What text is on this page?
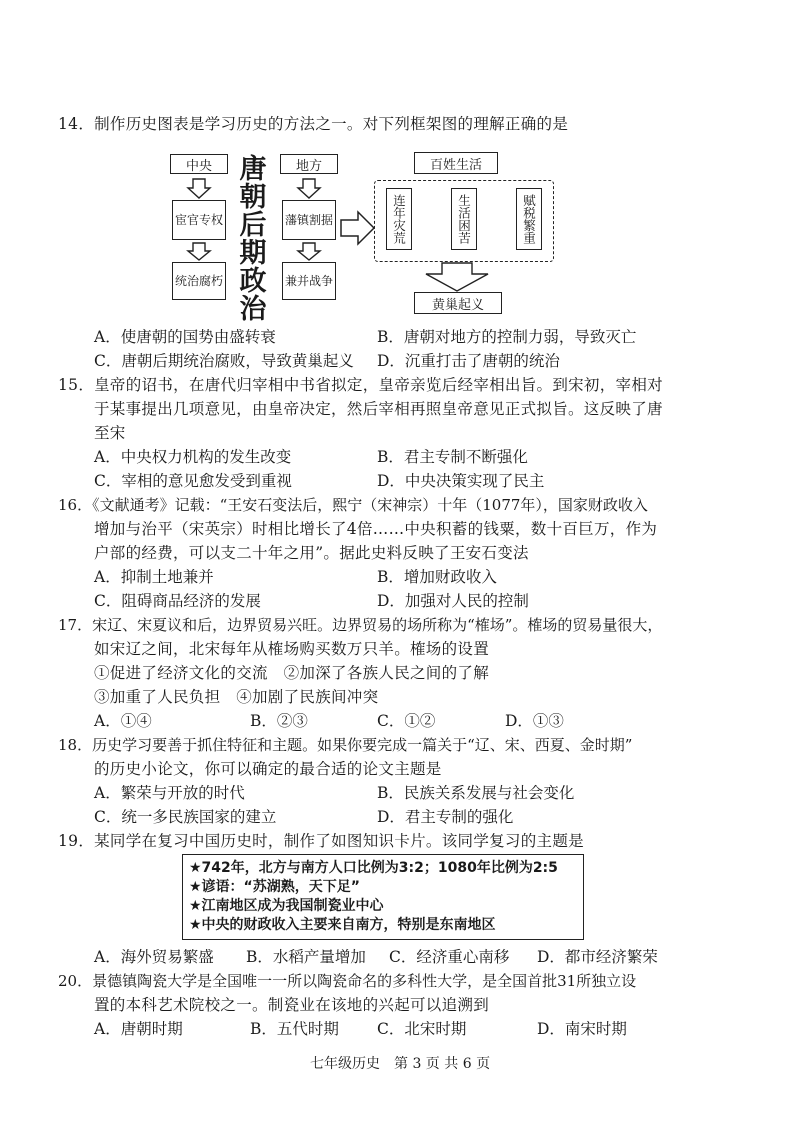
14．制作历史图表是学习历史的方法之一。对下列框架图的理解正确的是
中央
宦官专权
统治腐朽
唐
朝
后
期
政
治
地方
藩镇割据
兼并战争
百姓生活
连年灾荒	生活困苦	赋税繁重
黄巢起义
A．使唐朝的国势由盛转衰	B．唐朝对地方的控制力弱，导致灭亡
C．唐朝后期统治腐败，导致黄巢起义 D．沉重打击了唐朝的统治
15．皇帝的诏书，在唐代归宰相中书省拟定，皇帝亲览后经宰相出旨。到宋初，宰相对
于某事提出几项意见，由皇帝决定，然后宰相再照皇帝意见正式拟旨。这反映了唐
至宋
A．中央权力机构的发生改变	B．君主专制不断强化
C．宰相的意见愈发受到重视	D．中央决策实现了民主
16．《文献通考》记载：“王安石变法后，熙宁（宋神宗）十年（1077年），国家财政收入
增加与治平（宋英宗）时相比增长了4倍……中央积蓄的钱粟，数十百巨万，作为
户部的经费，可以支二十年之用”。据此史料反映了王安石变法
A．抑制土地兼并	B．增加财政收入
C．阻碍商品经济的发展	D．加强对人民的控制
17．宋辽、宋夏议和后，边界贸易兴旺。边界贸易的场所称为“榷场”。榷场的贸易量很大，
如宋辽之间，北宋每年从榷场购买数万只羊。榷场的设置
①促进了经济文化的交流　②加深了各族人民之间的了解
③加重了人民负担　④加剧了民族间冲突
A．①④	B．②③	C．①②	D．①③
18．历史学习要善于抓住特征和主题。如果你要完成一篇关于“辽、宋、西夏、金时期”
的历史小论文，你可以确定的最合适的论文主题是
A．繁荣与开放的时代	B．民族关系发展与社会变化
C．统一多民族国家的建立	D．君主专制的强化
19．某同学在复习中国历史时，制作了如图知识卡片。该同学复习的主题是
★742年，北方与南方人口比例为3:2；1080年比例为2:5
★谚语：“苏湖熟，天下足”
★江南地区成为我国制瓷业中心
★中央的财政收入主要来自南方，特别是东南地区
A．海外贸易繁盛 B．水稻产量增加 C．经济重心南移 D．都市经济繁荣
20．景德镇陶瓷大学是全国唯一一所以陶瓷命名的多科性大学，是全国首批31所独立设
置的本科艺术院校之一。制瓷业在该地的兴起可以追溯到
A．唐朝时期	B．五代时期 C．北宋时期	D．南宋时期
七年级历史　第 3 页 共 6 页
